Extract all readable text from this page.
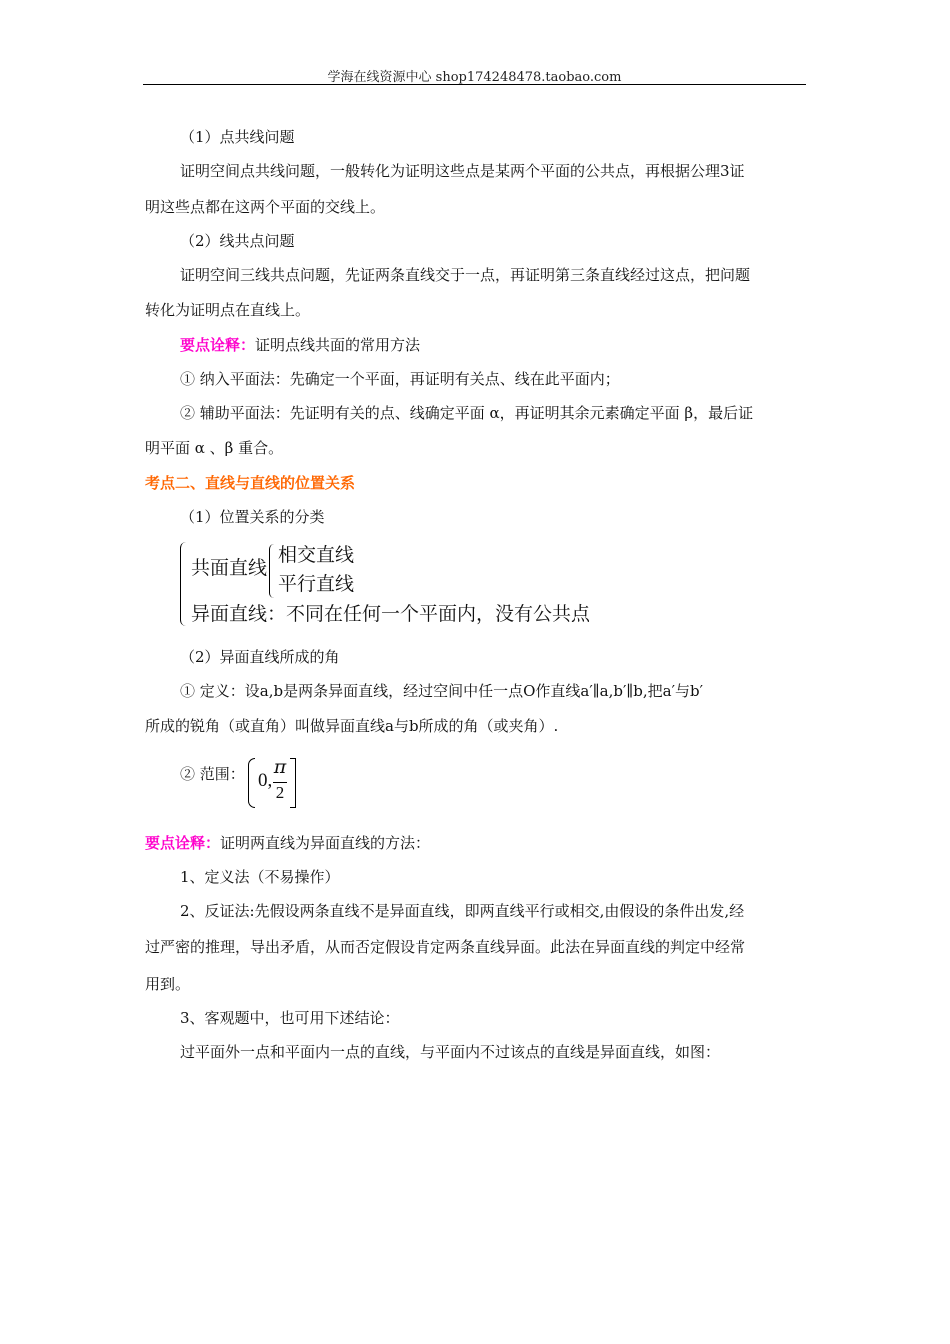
学海在线资源中心 shop174248478.taobao.com
（1）点共线问题
证明空间点共线问题，一般转化为证明这些点是某两个平面的公共点，再根据公理3证
明这些点都在这两个平面的交线上。
（2）线共点问题
证明空间三线共点问题，先证两条直线交于一点，再证明第三条直线经过这点，把问题
转化为证明点在直线上。
要点诠释：证明点线共面的常用方法
① 纳入平面法：先确定一个平面，再证明有关点、线在此平面内；
② 辅助平面法：先证明有关的点、线确定平面 α，再证明其余元素确定平面 β，最后证
明平面 α 、β 重合。
考点二、直线与直线的位置关系
（1）位置关系的分类
共面直线
相交直线
平行直线
异面直线：不同在任何一个平面内，没有公共点
（2）异面直线所成的角
① 定义：设a,b是两条异面直线，经过空间中任一点O作直线a′∥a,b′∥b,把a′与b′
所成的锐角（或直角）叫做异面直线a与b所成的角（或夹角）.
② 范围： 0,
π
2
要点诠释：证明两直线为异面直线的方法：
1、定义法（不易操作）
2、反证法:先假设两条直线不是异面直线，即两直线平行或相交,由假设的条件出发,经
过严密的推理，导出矛盾，从而否定假设肯定两条直线异面。此法在异面直线的判定中经常
用到。
3、客观题中，也可用下述结论：
过平面外一点和平面内一点的直线，与平面内不过该点的直线是异面直线，如图：
